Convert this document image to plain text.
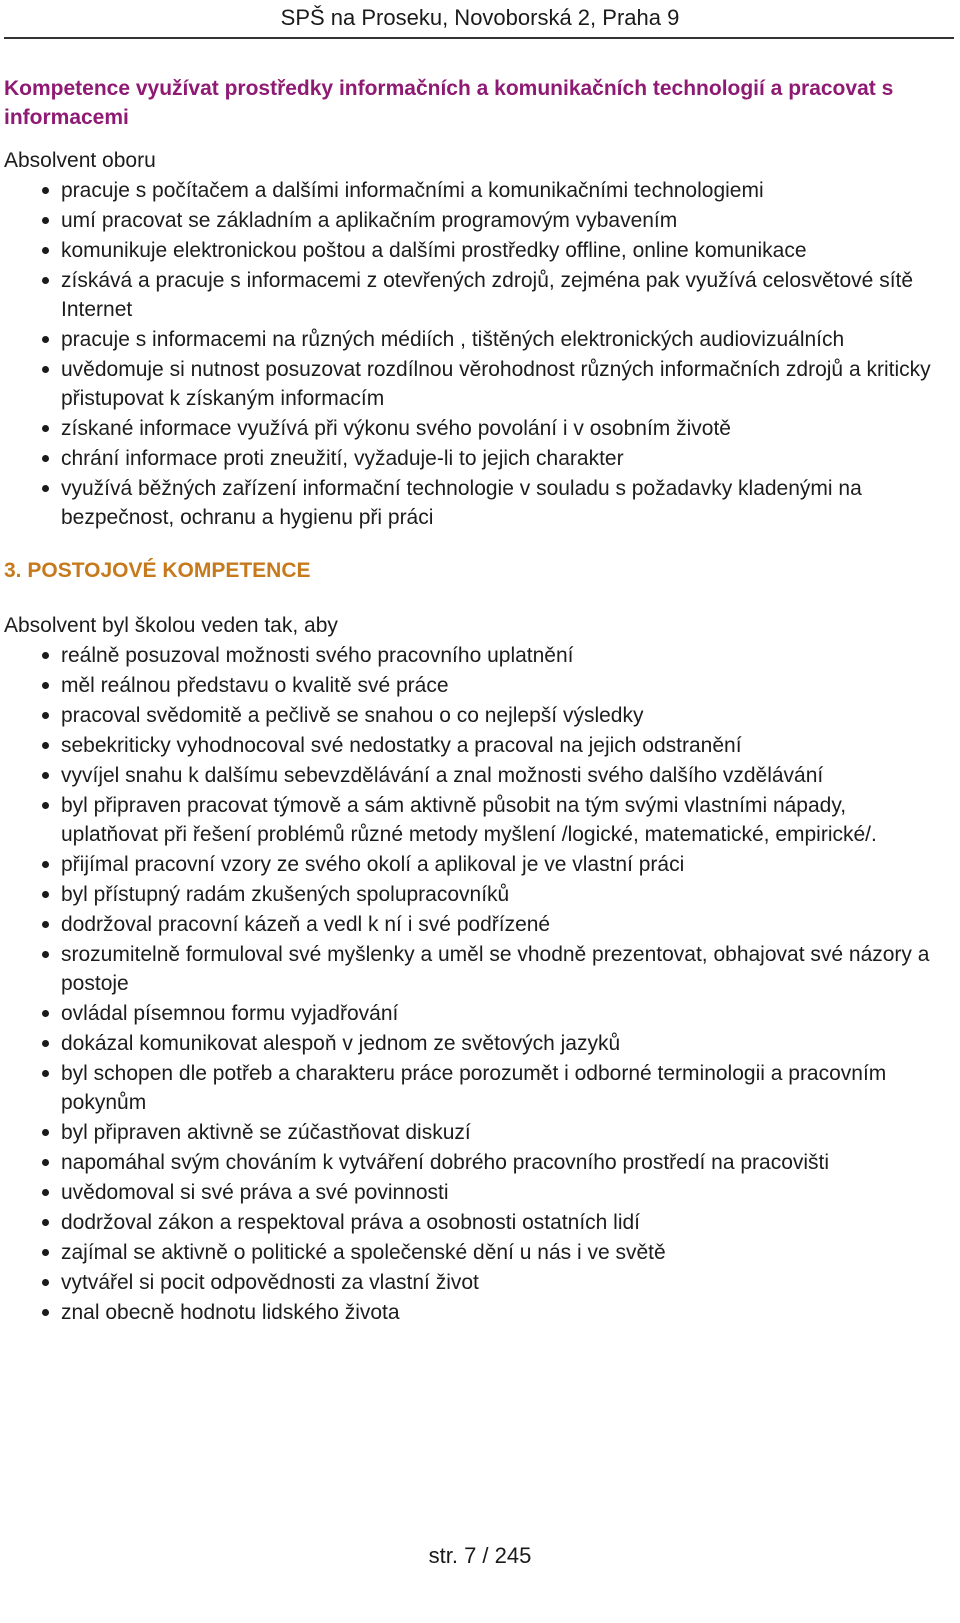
SPŠ na Proseku, Novoborská 2, Praha 9
Kompetence využívat prostředky informačních a komunikačních technologií a pracovat s informacemi

Absolvent oboru

pracuje s počítačem a dalšími informačními a komunikačními technologiemi
umí pracovat se základním a aplikačním programovým vybavením
komunikuje elektronickou poštou a dalšími prostředky offline, online komunikace
získává a pracuje s informacemi z otevřených zdrojů, zejména pak využívá celosvětové sítě Internet
pracuje s informacemi na různých médiích , tištěných elektronických audiovizuálních
uvědomuje si nutnost posuzovat rozdílnou věrohodnost různých informačních zdrojů a kriticky přistupovat k získaným informacím
získané informace využívá při výkonu svého povolání i v osobním životě
chrání informace proti zneužití, vyžaduje-li to jejich charakter
využívá běžných zařízení informační technologie v souladu s požadavky kladenými na bezpečnost, ochranu a hygienu při práci
3. POSTOJOVÉ KOMPETENCE

Absolvent byl školou veden tak, aby

reálně posuzoval možnosti svého pracovního uplatnění
měl reálnou představu o kvalitě své práce
pracoval svědomitě a pečlivě se snahou o co nejlepší výsledky
sebekriticky vyhodnocoval své nedostatky a pracoval na jejich odstranění
vyvíjel snahu k dalšímu sebevzdělávání a znal možnosti svého dalšího vzdělávání
byl připraven pracovat týmově a sám aktivně působit na tým svými vlastními nápady, uplatňovat při řešení problémů různé metody myšlení /logické, matematické, empirické/.
přijímal pracovní vzory ze svého okolí a aplikoval je ve vlastní práci
byl přístupný radám zkušených spolupracovníků
dodržoval pracovní kázeň a vedl k ní i své podřízené
srozumitelně formuloval své myšlenky a uměl se vhodně prezentovat, obhajovat své názory a postoje
ovládal písemnou formu vyjadřování
dokázal komunikovat alespoň v jednom ze světových jazyků
byl schopen dle potřeb a charakteru práce porozumět i odborné terminologii a pracovním pokynům
byl připraven aktivně se zúčastňovat diskuzí
napomáhal svým chováním k vytváření dobrého pracovního prostředí na pracovišti
uvědomoval si své práva a své povinnosti
dodržoval zákon a respektoval práva a osobnosti ostatních lidí
zajímal se aktivně o politické a společenské dění u nás i ve světě
vytvářel si pocit odpovědnosti za vlastní život
znal obecně hodnotu lidského života
str. 7 / 245
